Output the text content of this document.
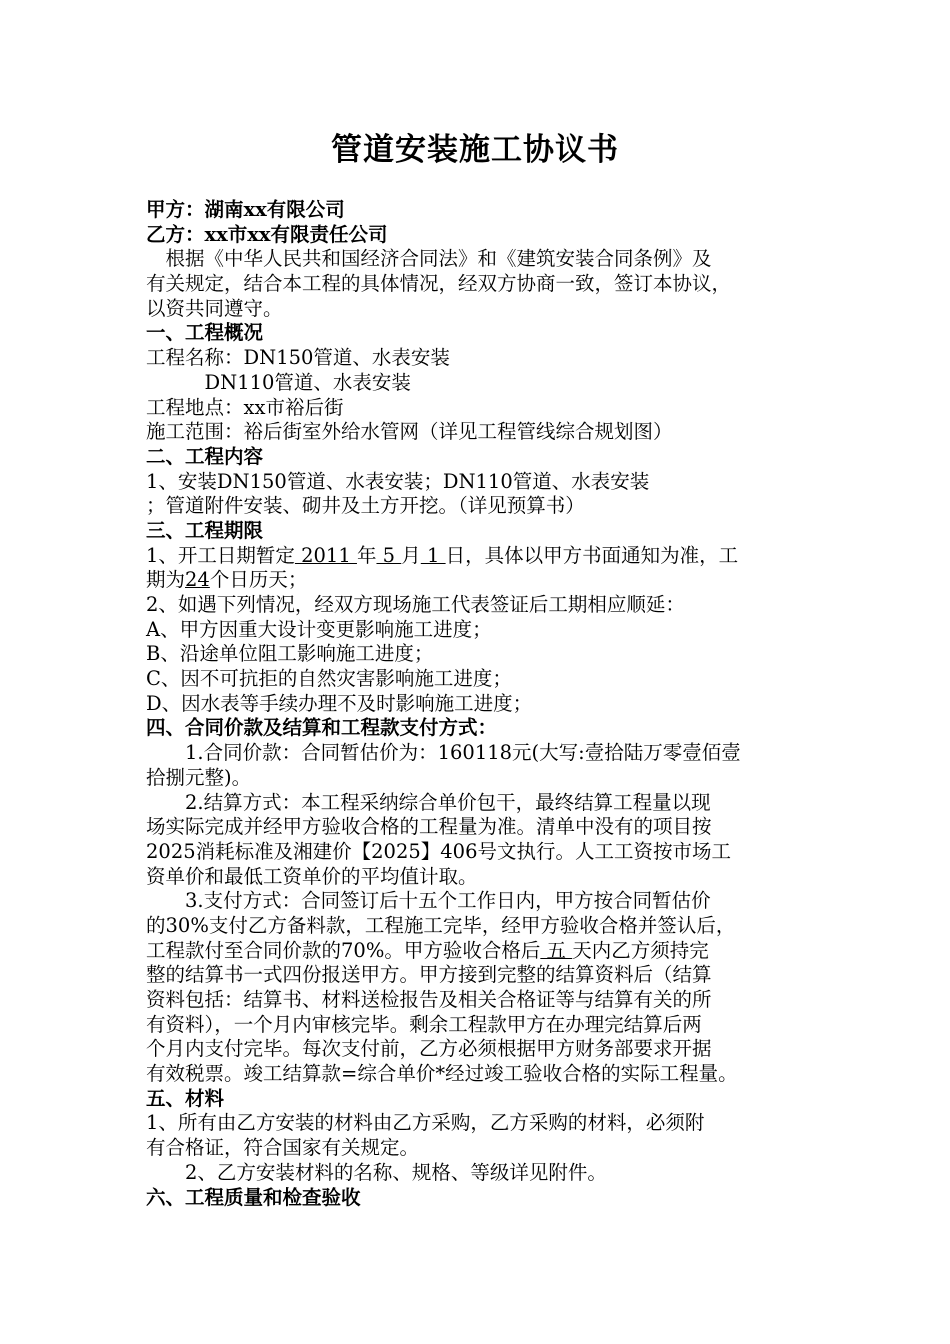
管道安装施工协议书
甲方：湖南xx有限公司
乙方：xx市xx有限责任公司
　根据《中华人民共和国经济合同法》和《建筑安装合同条例》及
有关规定，结合本工程的具体情况，经双方协商一致，签订本协议，
以资共同遵守。
一、工程概况
工程名称：DN150管道、水表安装
　　　DN110管道、水表安装
工程地点：xx市裕后街
施工范围：裕后街室外给水管网（详见工程管线综合规划图）
二、工程内容
1、安装DN150管道、水表安装；DN110管道、水表安装
；管道附件安装、砌井及土方开挖。（详见预算书）
三、工程期限
1、开工日期暂定 2011 年 5 月 1 日，具体以甲方书面通知为准，工
期为24个日历天；
2、如遇下列情况，经双方现场施工代表签证后工期相应顺延：
A、甲方因重大设计变更影响施工进度；
B、沿途单位阻工影响施工进度；
C、因不可抗拒的自然灾害影响施工进度；
D、因水表等手续办理不及时影响施工进度；
四、合同价款及结算和工程款支付方式：
　　1.合同价款：合同暂估价为：160118元(大写:壹拾陆万零壹佰壹
拾捌元整)。
　　2.结算方式：本工程采纳综合单价包干，最终结算工程量以现
场实际完成并经甲方验收合格的工程量为准。清单中没有的项目按
2025消耗标准及湘建价【2025】406号文执行。人工工资按市场工
资单价和最低工资单价的平均值计取。
　　3.支付方式：合同签订后十五个工作日内，甲方按合同暂估价
的30%支付乙方备料款，工程施工完毕，经甲方验收合格并签认后，
工程款付至合同价款的70%。甲方验收合格后 五 天内乙方须持完
整的结算书一式四份报送甲方。甲方接到完整的结算资料后（结算
资料包括：结算书、材料送检报告及相关合格证等与结算有关的所
有资料），一个月内审核完毕。剩余工程款甲方在办理完结算后两
个月内支付完毕。每次支付前，乙方必须根据甲方财务部要求开据
有效税票。竣工结算款=综合单价*经过竣工验收合格的实际工程量。
五、材料
1、所有由乙方安装的材料由乙方采购，乙方采购的材料，必须附
有合格证，符合国家有关规定。
　　2、乙方安装材料的名称、规格、等级详见附件。
六、工程质量和检查验收
